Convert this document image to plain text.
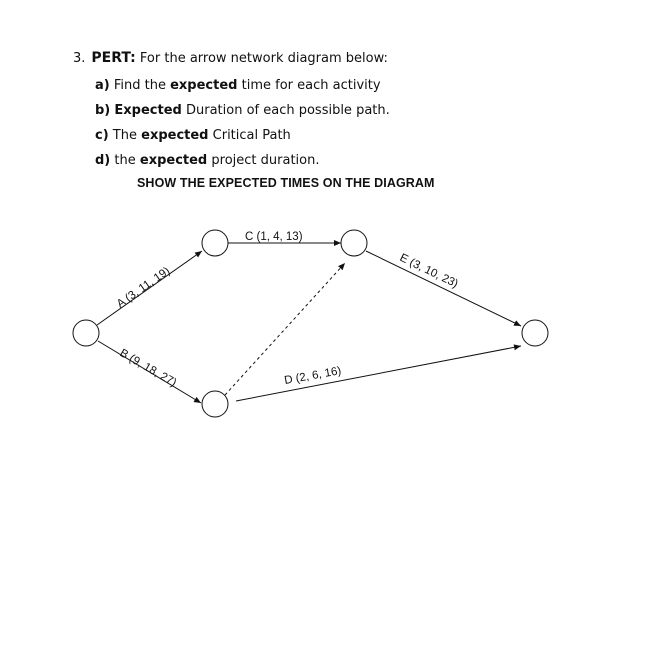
3. PERT: For the arrow network diagram below:
a) Find the expected time for each activity
b) Expected Duration of each possible path.
c) The expected Critical Path
d) the expected project duration.
SHOW THE EXPECTED TIMES ON THE DIAGRAM
A (3, 11, 19)
B (9, 18, 27)
C (1, 4, 13)
D (2, 6, 16)
E (3, 10, 23)
